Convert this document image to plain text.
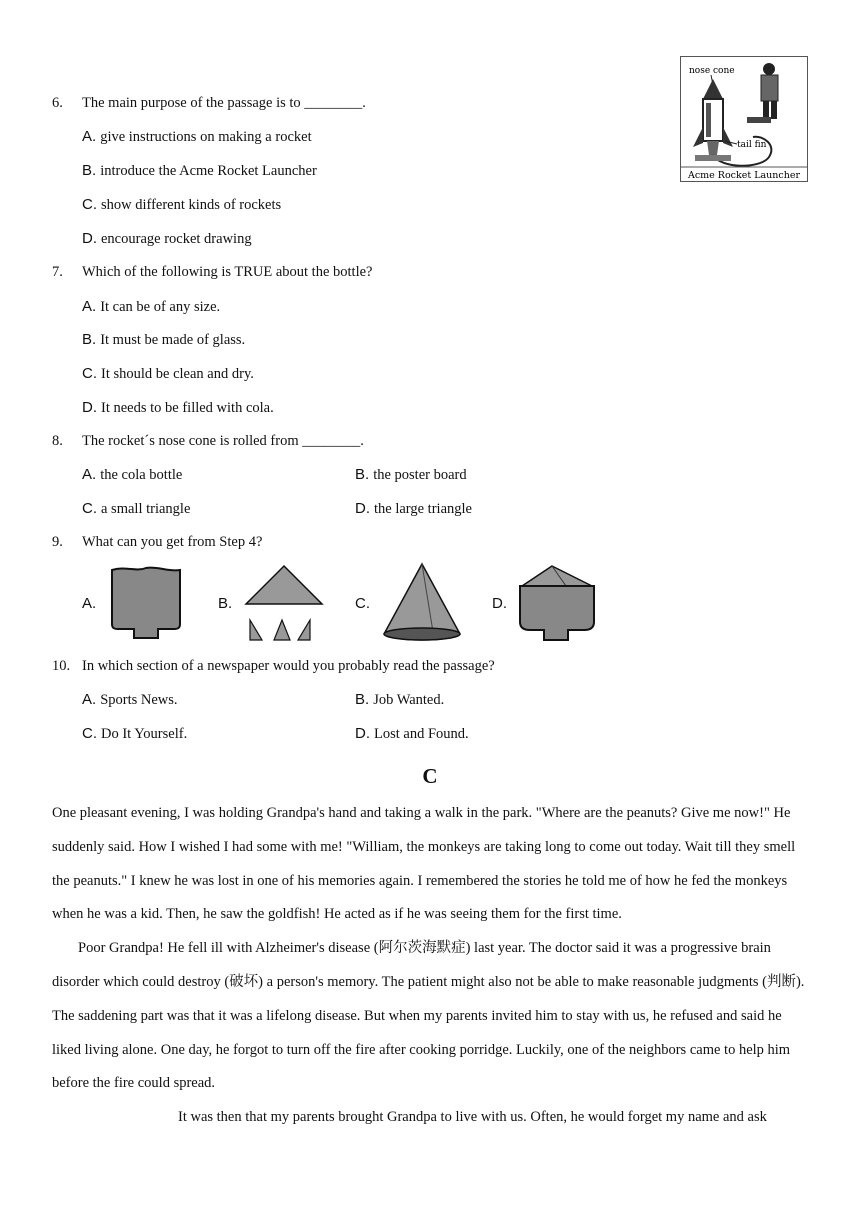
nose cone
tail fin
Acme Rocket Launcher
6. The main purpose of the passage is to ________.
A. give instructions on making a rocket
B. introduce the Acme Rocket Launcher
C. show different kinds of rockets
D. encourage rocket drawing
7. Which of the following is TRUE about the bottle?
A. It can be of any size.
B. It must be made of glass.
C. It should be clean and dry.
D. It needs to be filled with cola.
8. The rocket´s nose cone is rolled from ________.
A. the cola bottle	B. the poster board
C. a small triangle	D. the large triangle
9. What can you get from Step 4?
A.	B.	C.	D.
10. In which section of a newspaper would you probably read the passage?
A. Sports News.	B. Job Wanted.
C. Do It Yourself.	D. Lost and Found.
C

One pleasant evening, I was holding Grandpa's hand and taking a walk in the park. "Where are the peanuts? Give me now!" He suddenly said. How I wished I had some with me! "William, the monkeys are taking long to come out today. Wait till they smell the peanuts." I knew he was lost in one of his memories again. I remembered the stories he told me of how he fed the monkeys when he was a kid. Then, he saw the goldfish! He acted as if he was seeing them for the first time.

Poor Grandpa! He fell ill with Alzheimer's disease (阿尔茨海默症) last year. The doctor said it was a progressive brain disorder which could destroy (破坏) a person's memory. The patient might also not be able to make reasonable judgments (判断). The saddening part was that it was a lifelong disease. But when my parents invited him to stay with us, he refused and said he liked living alone. One day, he forgot to turn off the fire after cooking porridge. Luckily, one of the neighbors came to help him before the fire could spread.

It was then that my parents brought Grandpa to live with us. Often, he would forget my name and ask
